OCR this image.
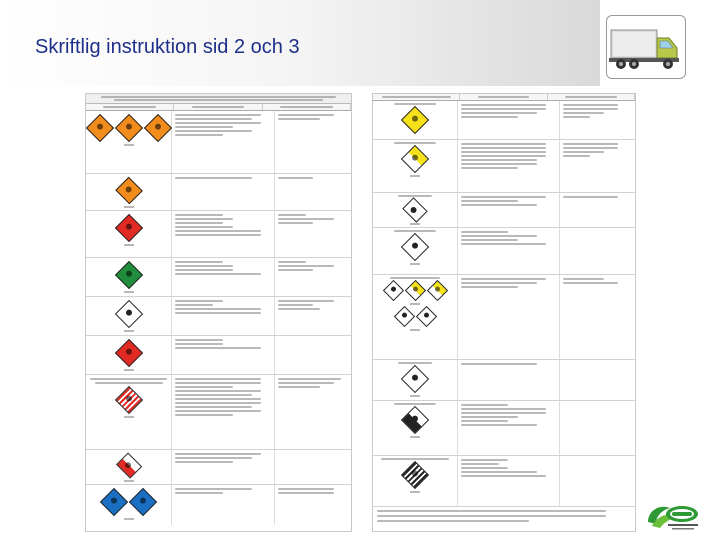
Skriftlig instruktion sid 2 och 3
